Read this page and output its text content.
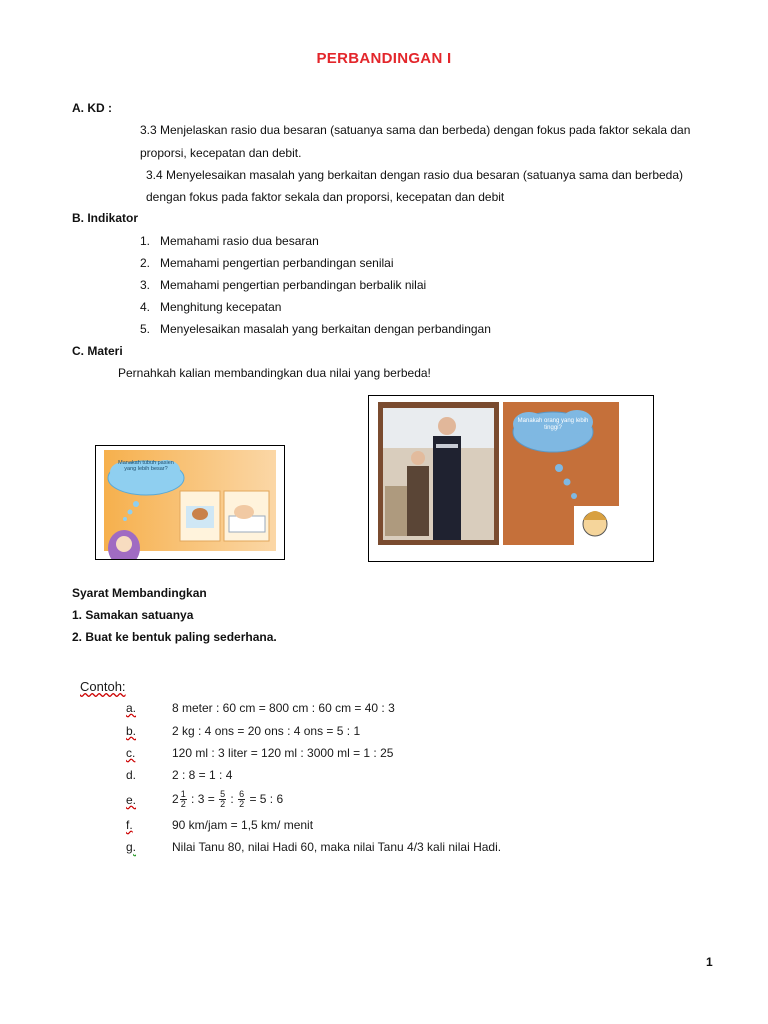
PERBANDINGAN I
A. KD :
3.3 Menjelaskan rasio dua besaran (satuanya sama dan berbeda) dengan fokus pada faktor sekala dan
proporsi, kecepatan dan debit.
3.4 Menyelesaikan masalah yang berkaitan dengan rasio dua besaran (satuanya sama dan berbeda)
dengan fokus pada faktor sekala dan proporsi, kecepatan dan debit
B. Indikator
1. Memahami rasio dua besaran
2. Memahami pengertian perbandingan senilai
3. Memahami pengertian perbandingan berbalik nilai
4. Menghitung kecepatan
5. Menyelesaikan masalah yang berkaitan dengan perbandingan
C. Materi
Pernahkah kalian membandingkan dua nilai yang berbeda!
Manakah tubuh pasien yang lebih besar?
Manakah orang yang lebih tinggi?
Syarat Membandingkan
1. Samakan satuanya
2. Buat ke bentuk paling sederhana.
Contoh:
a.	8 meter : 60 cm = 800 cm : 60 cm = 40 : 3
b.	2 kg : 4 ons = 20 ons : 4 ons = 5 : 1
c.	120 ml : 3 liter = 120 ml : 3000 ml = 1 : 25
d.	2 : 8 = 1 : 4
e.	$2 \frac{1}{2}$ : $3 = \frac{5}{2}$ : $\frac{6}{2} = 5$ : 6
f.	90 km/jam = 1,5 km/ menit
g.	Nilai Tanu 80, nilai Hadi 60, maka nilai Tanu 4/3 kali nilai Hadi.
1
